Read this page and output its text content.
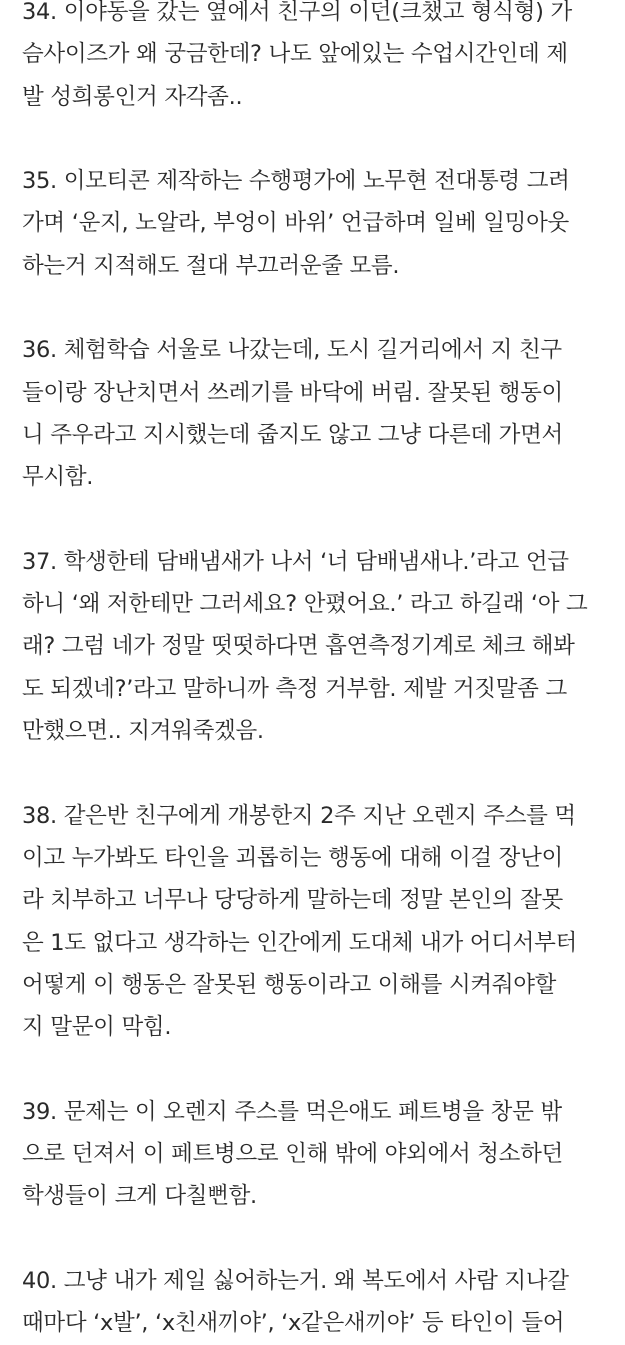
34. 이야동을 갔는 옆에서 친구의 이던(크챘고 형식형) 가
슴사이즈가 왜 궁금한데? 나도 앞에있는 수업시간인데 제
발 성희롱인거 자각좀..
35. 이모티콘 제작하는 수행평가에 노무현 전대통령 그려
가며 ‘운지, 노알라, 부엉이 바위’ 언급하며 일베 일밍아웃
하는거 지적해도 절대 부끄러운줄 모름.
36. 체험학습 서울로 나갔는데, 도시 길거리에서 지 친구
들이랑 장난치면서 쓰레기를 바닥에 버림. 잘못된 행동이
니 주우라고 지시했는데 줍지도 않고 그냥 다른데 가면서
무시함.
37. 학생한테 담배냄새가 나서 ‘너 담배냄새나.’라고 언급
하니 ‘왜 저한테만 그러세요? 안폈어요.’ 라고 하길래 ‘아 그
래? 그럼 네가 정말 떳떳하다면 흡연측정기계로 체크 해봐
도 되겠네?’라고 말하니까 측정 거부함. 제발 거짓말좀 그
만했으면.. 지겨워죽겠음.
38. 같은반 친구에게 개봉한지 2주 지난 오렌지 주스를 먹
이고 누가봐도 타인을 괴롭히는 행동에 대해 이걸 장난이
라 치부하고 너무나 당당하게 말하는데 정말 본인의 잘못
은 1도 없다고 생각하는 인간에게 도대체 내가 어디서부터
어떻게 이 행동은 잘못된 행동이라고 이해를 시켜줘야할
지 말문이 막힘.
39. 문제는 이 오렌지 주스를 먹은애도 페트병을 창문 밖
으로 던져서 이 페트병으로 인해 밖에 야외에서 청소하던
학생들이 크게 다칠뻔함.
40. 그냥 내가 제일 싫어하는거. 왜 복도에서 사람 지나갈
때마다 ‘x발’, ‘x친새끼야’, ‘x같은새끼야’ 등 타인이 들어
